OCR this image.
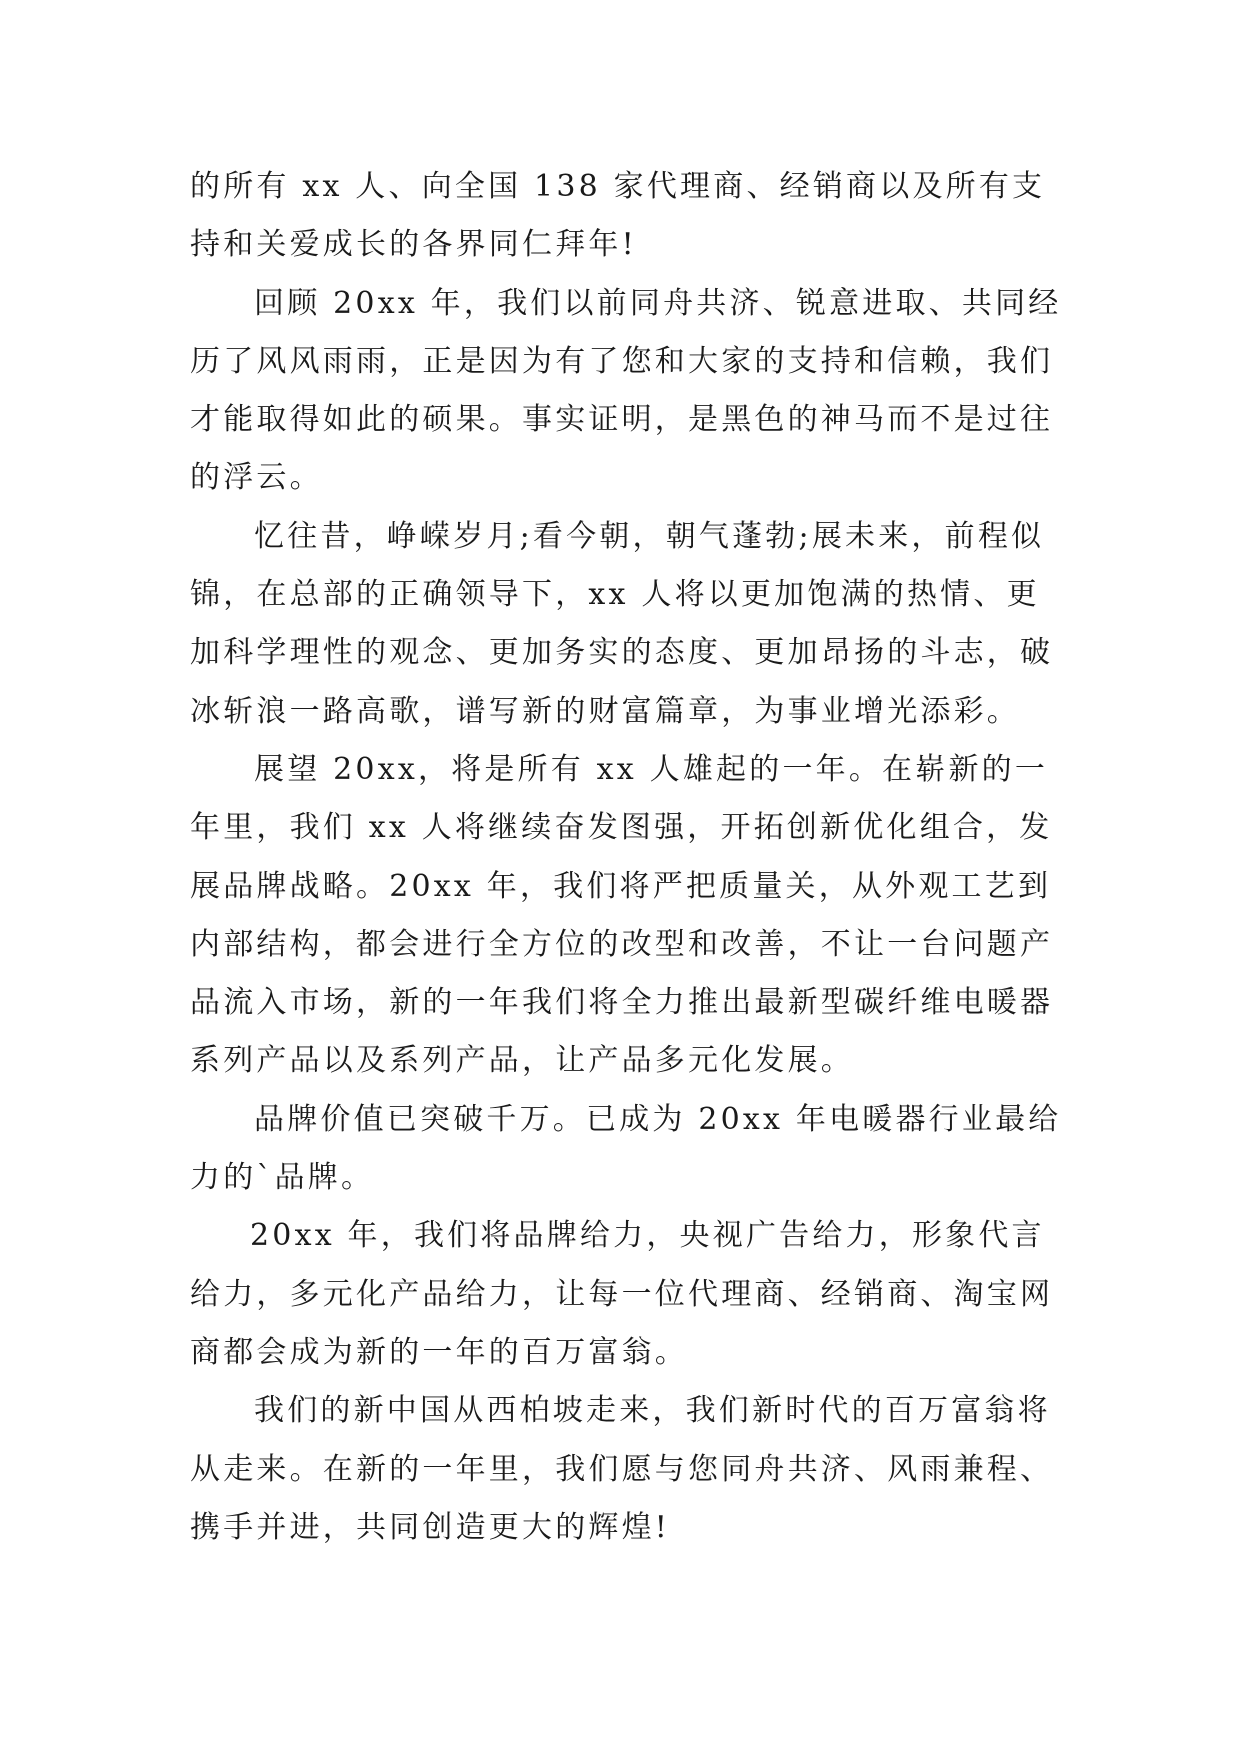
的所有 xx 人、向全国 138 家代理商、经销商以及所有支持和关爱成长的各界同仁拜年!

回顾 20xx 年，我们以前同舟共济、锐意进取、共同经历了风风雨雨，正是因为有了您和大家的支持和信赖，我们才能取得如此的硕果。事实证明，是黑色的神马而不是过往的浮云。

忆往昔，峥嵘岁月;看今朝，朝气蓬勃;展未来，前程似锦，在总部的正确领导下，xx 人将以更加饱满的热情、更加科学理性的观念、更加务实的态度、更加昂扬的斗志，破冰斩浪一路高歌，谱写新的财富篇章，为事业增光添彩。

展望 20xx，将是所有 xx 人雄起的一年。在崭新的一年里，我们 xx 人将继续奋发图强，开拓创新优化组合，发展品牌战略。20xx 年，我们将严把质量关，从外观工艺到内部结构，都会进行全方位的改型和改善，不让一台问题产品流入市场，新的一年我们将全力推出最新型碳纤维电暖器系列产品以及系列产品，让产品多元化发展。

品牌价值已突破千万。已成为 20xx 年电暖器行业最给力的`品牌。

20xx 年，我们将品牌给力，央视广告给力，形象代言给力，多元化产品给力，让每一位代理商、经销商、淘宝网商都会成为新的一年的百万富翁。

我们的新中国从西柏坡走来，我们新时代的百万富翁将从走来。在新的一年里，我们愿与您同舟共济、风雨兼程、携手并进，共同创造更大的辉煌!
